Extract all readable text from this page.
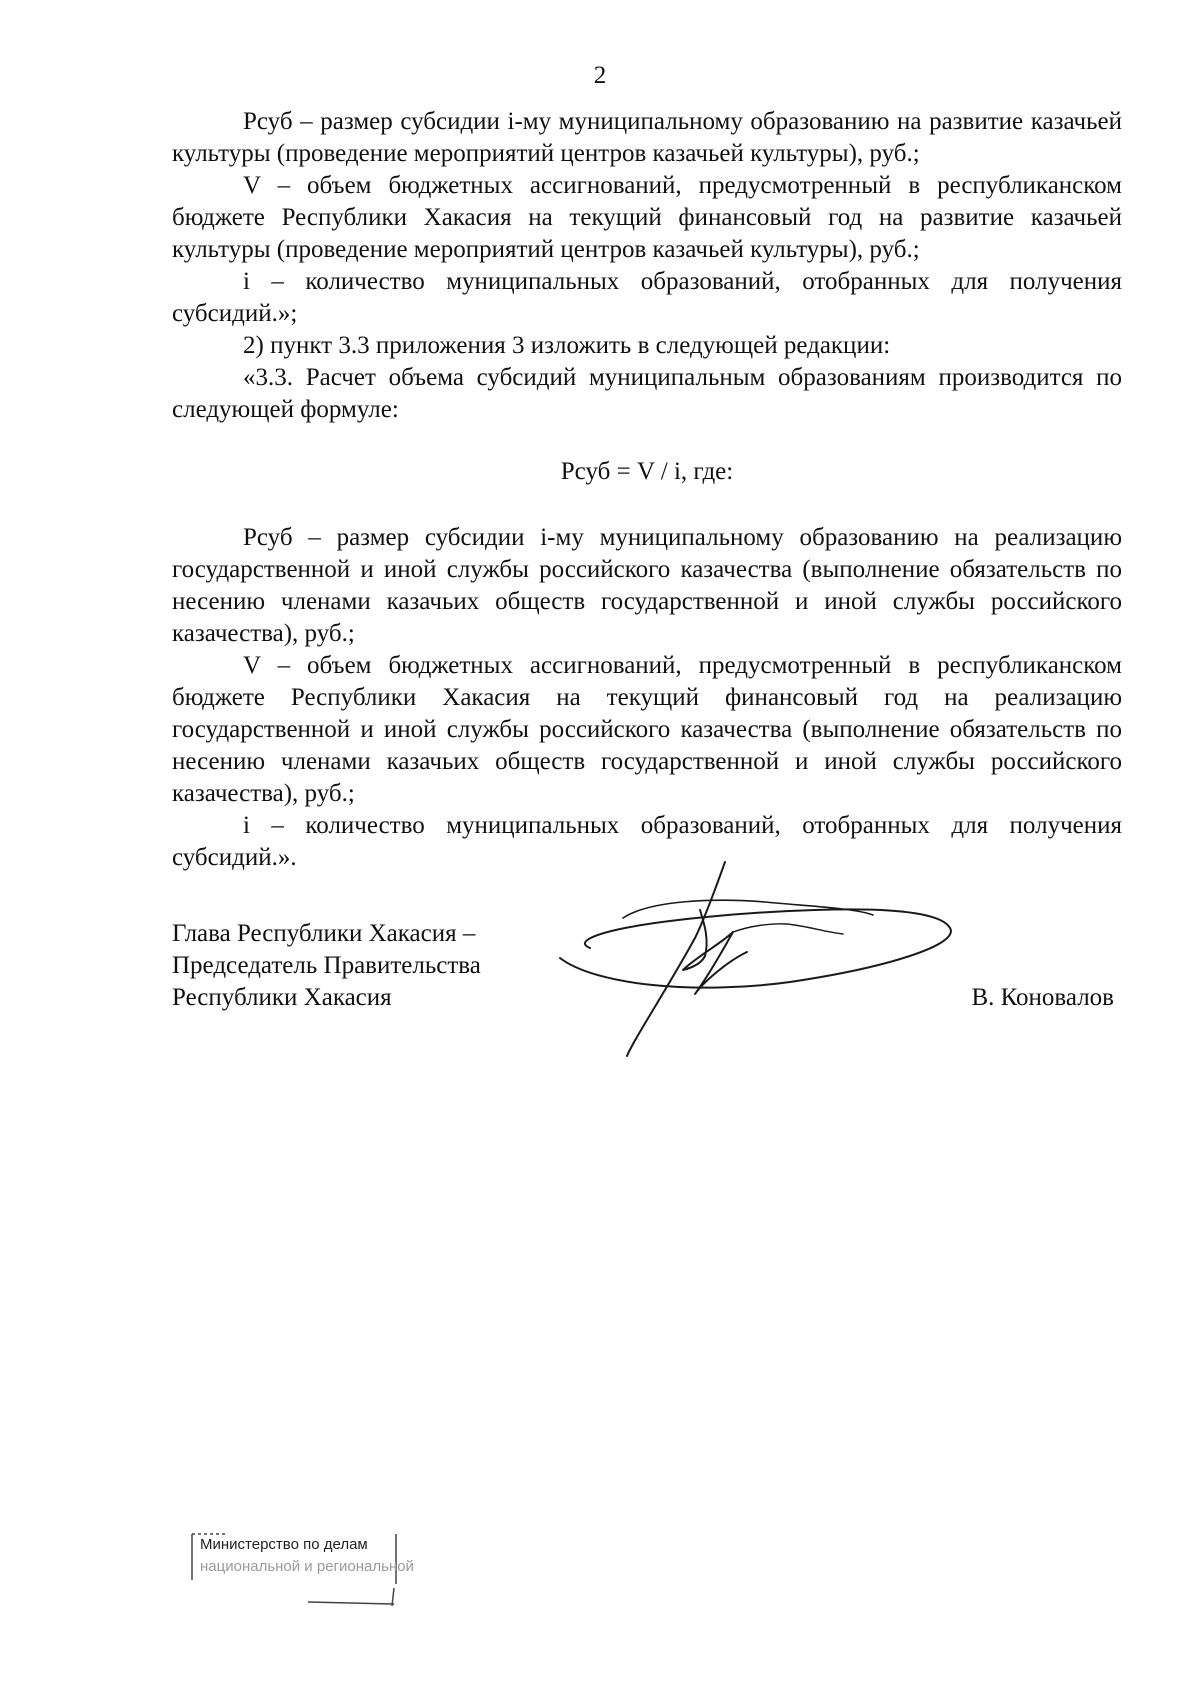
2

Рсуб – размер субсидии i-му муниципальному образованию на развитие казачьей культуры (проведение мероприятий центров казачьей культуры), руб.;

V – объем бюджетных ассигнований, предусмотренный в республиканском бюджете Республики Хакасия на текущий финансовый год на развитие казачьей культуры (проведение мероприятий центров казачьей культуры), руб.;

i – количество муниципальных образований, отобранных для получения субсидий.»;

2) пункт 3.3 приложения 3 изложить в следующей редакции:

«3.3. Расчет объема субсидий муниципальным образованиям производится по следующей формуле:

Рсуб = V / i, где:

Рсуб – размер субсидии i-му муниципальному образованию на реализацию государственной и иной службы российского казачества (выполнение обязательств по несению членами казачьих обществ государственной и иной службы российского казачества), руб.;

V – объем бюджетных ассигнований, предусмотренный в республиканском бюджете Республики Хакасия на текущий финансовый год на реализацию государственной и иной службы российского казачества (выполнение обязательств по несению членами казачьих обществ государственной и иной службы российского казачества), руб.;

i – количество муниципальных образований, отобранных для получения субсидий.».

Глава Республики Хакасия –
Председатель Правительства
Республики Хакасия	В. Коновалов
Министерство по делам
национальной и региональной
